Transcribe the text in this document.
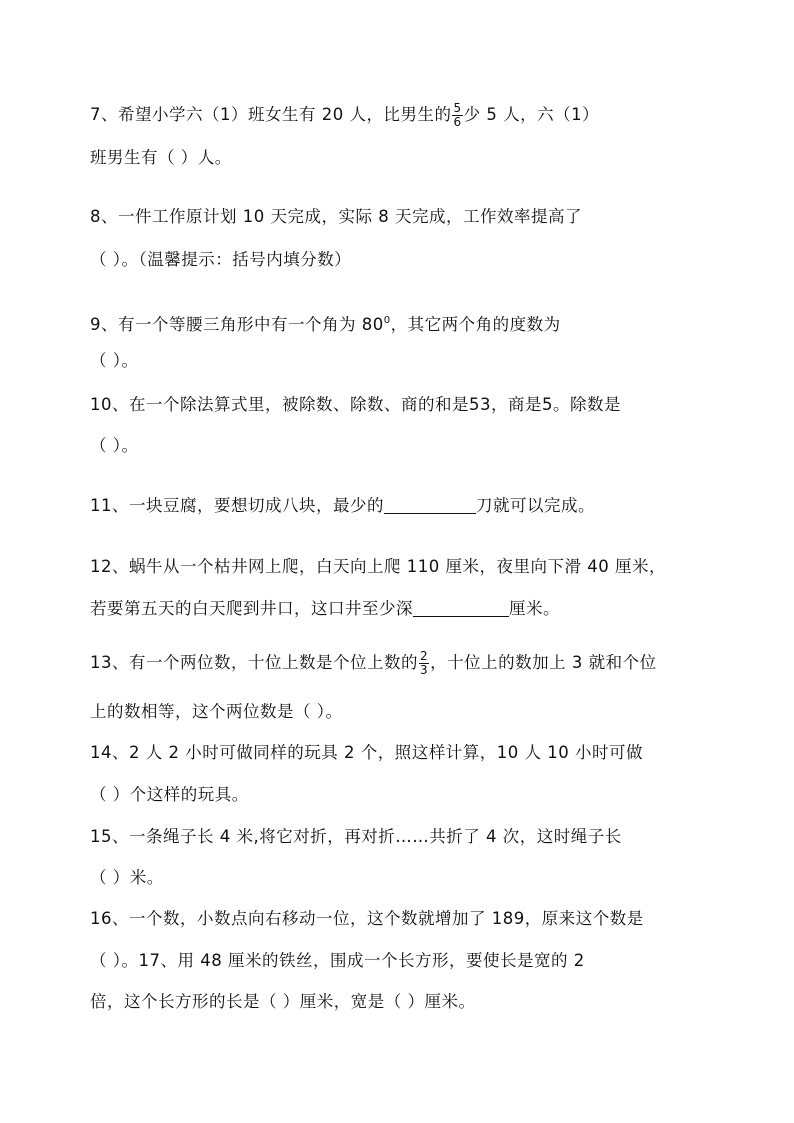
7、希望小学六（1）班女生有 20 人，比男生的 $\frac{5}{6}$ 少 5 人，六（1）
班男生有（ ）人。
8、一件工作原计划 10 天完成，实际 8 天完成，工作效率提高了
（ ）。（温馨提示：括号内填分数）
9、有一个等腰三角形中有一个角为 $80^0$，其它两个角的度数为
（ ）。
10、在一个除法算式里，被除数、除数、商的和是53，商是5。除数是
（ ）。
11、一块豆腐，要想切成八块，最少的	刀就可以完成。
12、蜗牛从一个枯井网上爬，白天向上爬 110 厘米，夜里向下滑 40 厘米，
若要第五天的白天爬到井口，这口井至少深	厘米。
13、有一个两位数，十位上数是个位上数的 $\frac{2}{3}$ ，十位上的数加上 3 就和个位
上的数相等，这个两位数是（ ）。
14、2 人 2 小时可做同样的玩具 2 个，照这样计算，10 人 10 小时可做
（ ）个这样的玩具。
15、一条绳子长 4 米,将它对折，再对折……共折了 4 次，这时绳子长
（ ）米。
16、一个数，小数点向右移动一位，这个数就增加了 189，原来这个数是
（ ）。17、用 48 厘米的铁丝，围成一个长方形，要使长是宽的 2
倍，这个长方形的长是（ ）厘米，宽是（ ）厘米。
